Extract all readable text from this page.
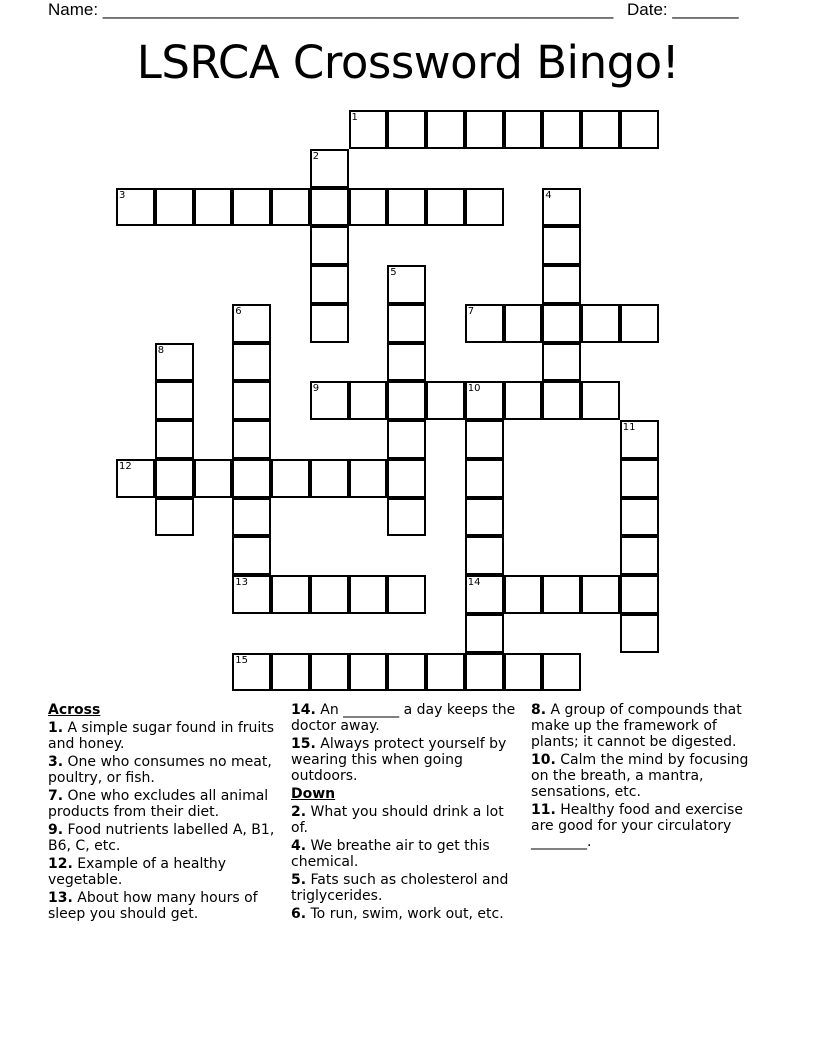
Name: ______________________________________________________ Date: _______
LSRCA Crossword Bingo!
1
2
3	4
5
6
13
7
8
9	10
14
11
12
15
Across
1. A simple sugar found in fruits and honey.
3. One who consumes no meat, poultry, or fish.
7. One who excludes all animal products from their diet.
9. Food nutrients labelled A, B1, B6, C, etc.
12. Example of a healthy vegetable.
13. About how many hours of sleep you should get.
14. An ________ a day keeps the doctor away.
15. Always protect yourself by wearing this when going outdoors.
Down
2. What you should drink a lot of.
4. We breathe air to get this chemical.
5. Fats such as cholesterol and triglycerides.
6. To run, swim, work out, etc.
8. A group of compounds that make up the framework of plants; it cannot be digested.
10. Calm the mind by focusing on the breath, a mantra, sensations, etc.
11. Healthy food and exercise are good for your circulatory ________.
